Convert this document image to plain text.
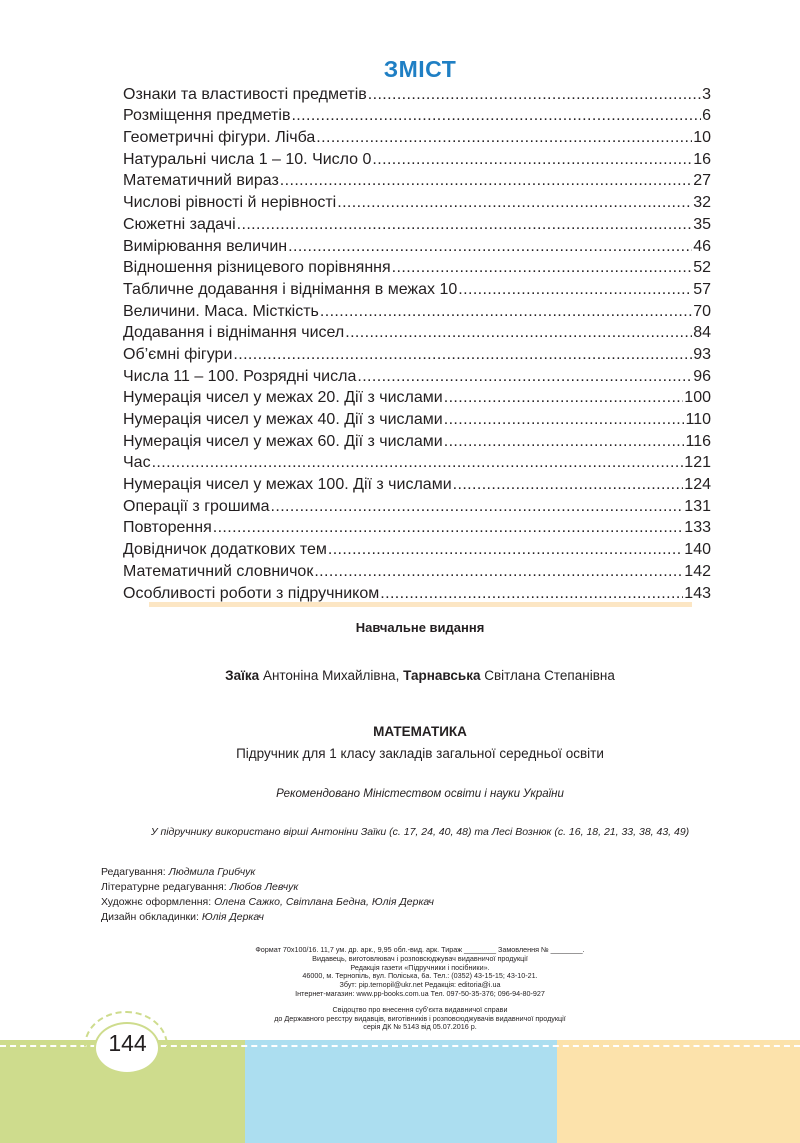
ЗМІСТ
Ознаки та властивості предметів .....	3
Розміщення предметів .....	6
Геометричні фігури. Лічба .....	10
Натуральні числа 1 – 10. Число 0 .....	16
Математичний вираз .....	27
Числові рівності й нерівності .....	32
Сюжетні задачі .....	35
Вимірювання величин .....	46
Відношення різницевого порівняння .....	52
Табличне додавання і віднімання в межах 10 .....	57
Величини. Маса. Місткість .....	70
Додавання і віднімання чисел .....	84
Об’ємні фігури .....	93
Числа 11 – 100. Розрядні числа .....	96
Нумерація чисел у межах 20. Дії з числами .....	100
Нумерація чисел у межах 40. Дії з числами .....	110
Нумерація чисел у межах 60. Дії з числами .....	116
Час .....	121
Нумерація чисел у межах 100. Дії з числами .....	124
Операції з грошима .....	131
Повторення .....	133
Довідничок додаткових тем .....	140
Математичний словничок .....	142
Особливості роботи з підручником .....	143
Навчальне видання
Заїка Антоніна Михайлівна, Тарнавська Світлана Степанівна
МАТЕМАТИКА
Підручник для 1 класу закладів загальної середньої освіти
Рекомендовано Міністеством освіти і науки України
У підручнику використано вірші Антоніни Заїки (с. 17, 24, 40, 48) та Лесі Вознюк (с. 16, 18, 21, 33, 38, 43, 49)
Редагування: Людмила Грибчук
Літературне редагування: Любов Левчук
Художнє оформлення: Олена Сажко, Світлана Бедна, Юлія Деркач
Дизайн обкладинки: Юлія Деркач
Формат 70x100/16. 11,7 ум. др. арк., 9,95 обл.-вид. арк. Тираж ________ Замовлення № ________.
Видавець, виготовлювач і розповсюджувач видавничої продукції
Редакція газети «Підручники і посібники».
46000, м. Тернопіль, вул. Поліська, 6а. Тел.: (0352) 43-15-15; 43-10-21.
Збут: pip.ternopil@ukr.net Редакція: editoria@i.ua
Інтернет-магазин: www.pp-books.com.ua Тел. 097-50-35-376; 096-94-80-927
Свідоцтво про внесення суб’єкта видавничої справи
до Державного реєстру видавців, виготівників і розповсюджувачів видавничої продукції
серія ДК № 5143 від 05.07.2016 р.
144
